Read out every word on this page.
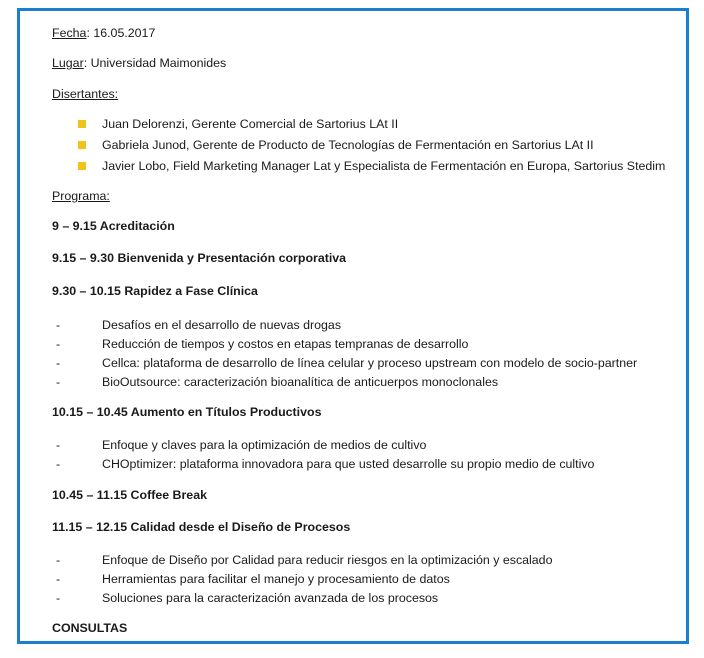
Fecha: 16.05.2017
Lugar: Universidad Maimonides
Disertantes:
Juan Delorenzi, Gerente Comercial de Sartorius LAt II
Gabriela Junod, Gerente de Producto de Tecnologías de Fermentación en Sartorius LAt II
Javier Lobo, Field Marketing Manager Lat y Especialista de Fermentación en Europa, Sartorius Stedim
Programa:
9 – 9.15 Acreditación
9.15 – 9.30 Bienvenida y Presentación corporativa
9.30 – 10.15 Rapidez a Fase Clínica
-	Desafíos en el desarrollo de nuevas drogas
-	Reducción de tiempos y costos en etapas tempranas de desarrollo
-	Cellca: plataforma de desarrollo de línea celular y proceso upstream con modelo de socio-partner
-	BioOutsource: caracterización bioanalítica de anticuerpos monoclonales
10.15 – 10.45 Aumento en Títulos Productivos
-	Enfoque y claves para la optimización de medios de cultivo
-	CHOptimizer: plataforma innovadora para que usted desarrolle su propio medio de cultivo
10.45 – 11.15 Coffee Break
11.15 – 12.15 Calidad desde el Diseño de Procesos
-	Enfoque de Diseño por Calidad para reducir riesgos en la optimización y escalado
-	Herramientas para facilitar el manejo y procesamiento de datos
-	Soluciones para la caracterización avanzada de los procesos
CONSULTAS
